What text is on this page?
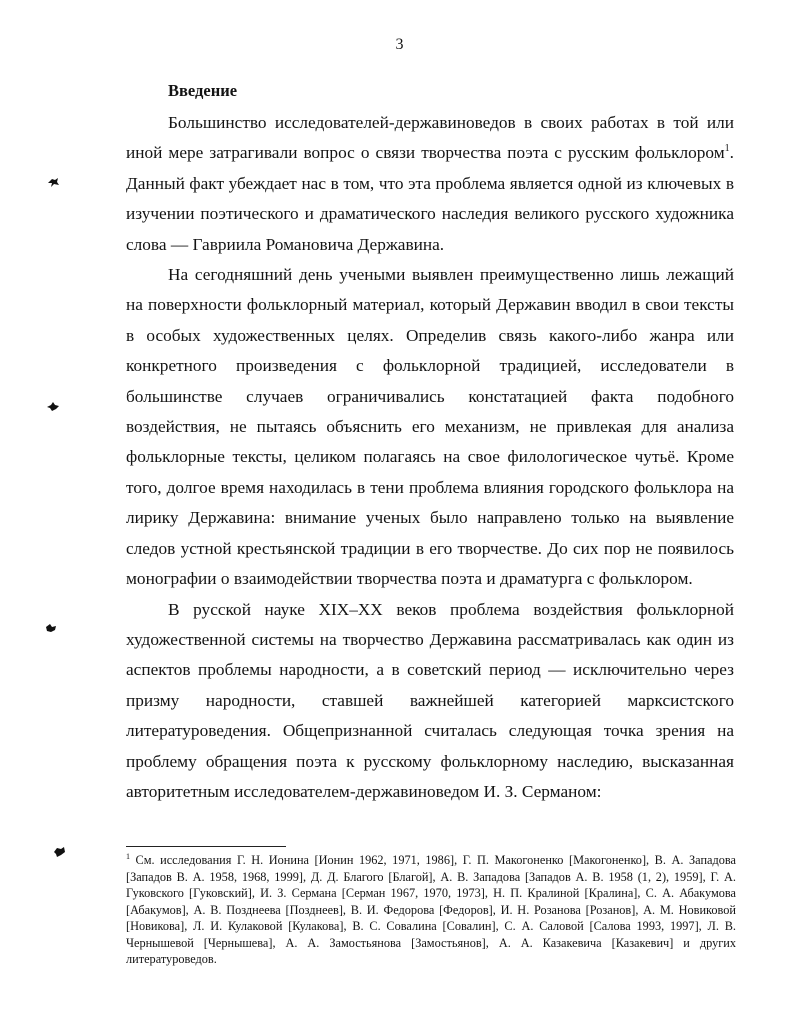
3
Введение

Большинство исследователей-державиноведов в своих работах в той или иной мере затрагивали вопрос о связи творчества поэта с русским фольклором$^1$. Данный факт убеждает нас в том, что эта проблема является одной из ключевых в изучении поэтического и драматического наследия великого русского художника слова — Гавриила Романовича Державина.

На сегодняшний день учеными выявлен преимущественно лишь лежащий на поверхности фольклорный материал, который Державин вводил в свои тексты в особых художественных целях. Определив связь какого-либо жанра или конкретного произведения с фольклорной традицией, исследователи в большинстве случаев ограничивались констатацией факта подобного воздействия, не пытаясь объяснить его механизм, не привлекая для анализа фольклорные тексты, целиком полагаясь на свое филологическое чутьё. Кроме того, долгое время находилась в тени проблема влияния городского фольклора на лирику Державина: внимание ученых было направлено только на выявление следов устной крестьянской традиции в его творчестве. До сих пор не появилось монографии о взаимодействии творчества поэта и драматурга с фольклором.

В русской науке XIX–XX веков проблема воздействия фольклорной художественной системы на творчество Державина рассматривалась как один из аспектов проблемы народности, а в советский период — исключительно через призму народности, ставшей важнейшей категорией марксистского литературоведения. Общепризнанной считалась следующая точка зрения на проблему обращения поэта к русскому фольклорному наследию, высказанная авторитетным исследователем-державиноведом И. З. Серманом:

$^1$ См. исследования Г. Н. Ионина [Ионин 1962, 1971, 1986], Г. П. Макогоненко [Макогоненко], В. А. Западова [Западов В. А. 1958, 1968, 1999], Д. Д. Благого [Благой], А. В. Западова [Западов А. В. 1958 (1, 2), 1959], Г. А. Гуковского [Гуковский], И. З. Сермана [Серман 1967, 1970, 1973], Н. П. Кралиной [Кралина], С. А. Абакумова [Абакумов], А. В. Позднеева [Позднеев], В. И. Федорова [Федоров], И. Н. Розанова [Розанов], А. М. Новиковой [Новикова], Л. И. Кулаковой [Кулакова], В. С. Совалина [Совалин], С. А. Саловой [Салова 1993, 1997], Л. В. Чернышевой [Чернышева], А. А. Замостьянова [Замостьянов], А. А. Казакевича [Казакевич] и других литературоведов.
